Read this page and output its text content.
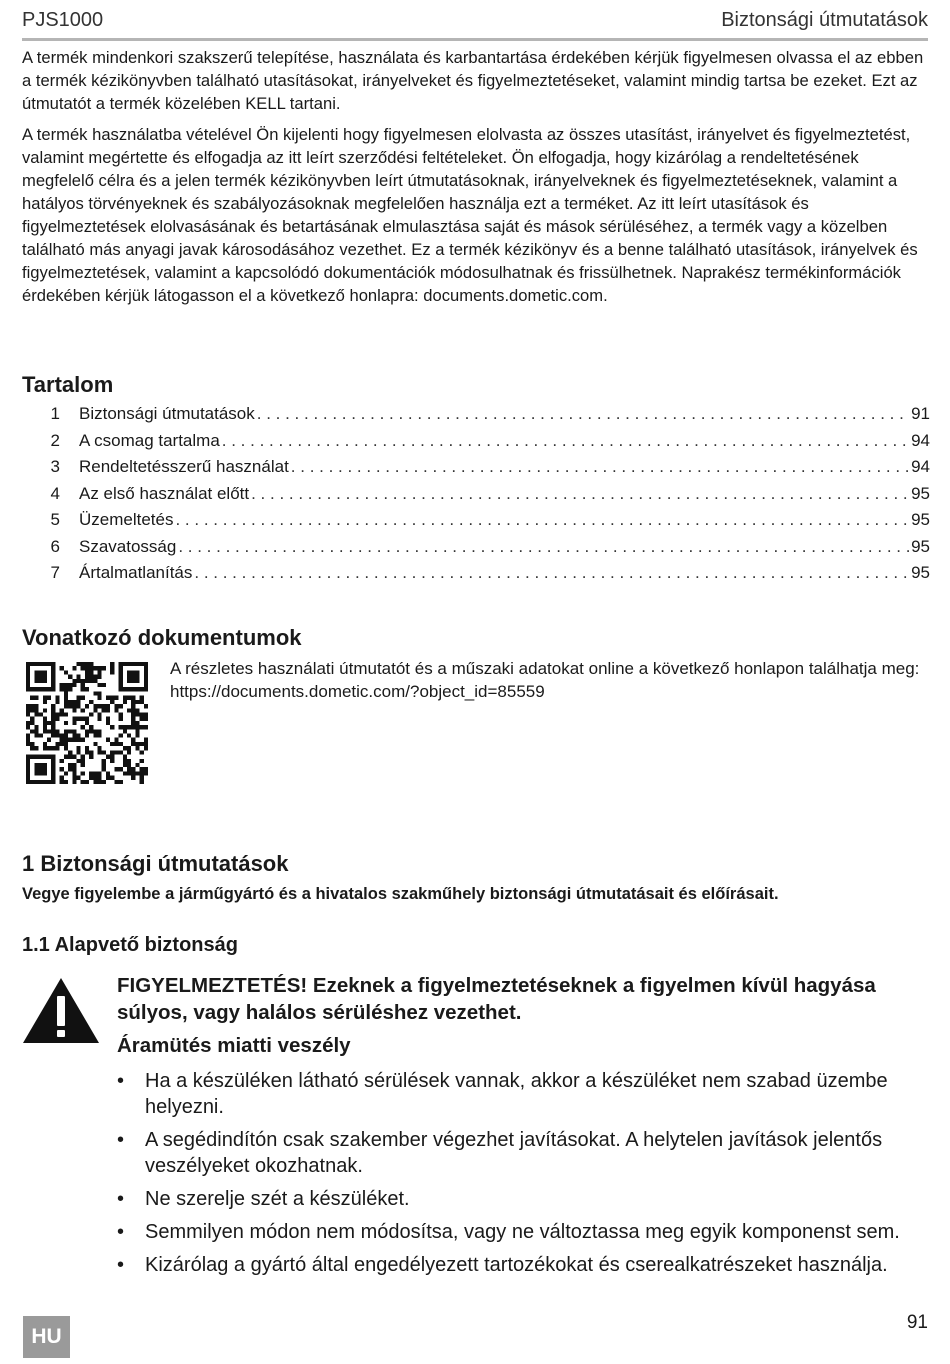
PJS1000	Biztonsági útmutatások

A termék mindenkori szakszerű telepítése, használata és karbantartása érdekében kérjük figyelmesen olvassa el az ebben a termék kézikönyvben található utasításokat, irányelveket és figyelmeztetéseket, valamint mindig tartsa be ezeket. Ezt az útmutatót a termék közelében KELL tartani.

A termék használatba vételével Ön kijelenti hogy figyelmesen elolvasta az összes utasítást, irányelvet és figyelmeztetést, valamint megértette és elfogadja az itt leírt szerződési feltételeket. Ön elfogadja, hogy kizárólag a rendeltetésének megfelelő célra és a jelen termék kézikönyvben leírt útmutatásoknak, irányelveknek és figyelmeztetéseknek, valamint a hatályos törvényeknek és szabályozásoknak megfelelően használja ezt a terméket. Az itt leírt utasítások és figyelmeztetések elolvasásának és betartásának elmulasztása saját és mások sérüléséhez, a termék vagy a közelben található más anyagi javak károsodásához vezethet. Ez a termék kézikönyv és a benne található utasítások, irányelvek és figyelmeztetések, valamint a kapcsolódó dokumentációk módosulhatnak és frissülhetnek. Naprakész termékinformációk érdekében kérjük látogasson el a következő honlapra: documents.dometic.com.

Tartalom
1	Biztonsági útmutatások . . .	91
2	A csomag tartalma . . .	94
3	Rendeltetésszerű használat . . .	94
4	Az első használat előtt . . .	95
5	Üzemeltetés . . .	95
6	Szavatosság . . .	95
7	Ártalmatlanítás . . .	95
Vonatkozó dokumentumok
A részletes használati útmutatót és a műszaki adatokat online a következő honlapon találhatja meg:
https://documents.dometic.com/?object_id=85559
1 Biztonsági útmutatások
Vegye figyelembe a járműgyártó és a hivatalos szakműhely biztonsági útmutatásait és előírásait.
1.1 Alapvető biztonság
FIGYELMEZTETÉS! Ezeknek a figyelmeztetéseknek a figyelmen kívül hagyása súlyos, vagy halálos sérüléshez vezethet.
Áramütés miatti veszély
• Ha a készüléken látható sérülések vannak, akkor a készüléket nem szabad üzembe helyezni.
• A segédindítón csak szakember végezhet javításokat. A helytelen javítások jelentős veszélyeket okozhatnak.
• Ne szerelje szét a készüléket.
• Semmilyen módon nem módosítsa, vagy ne változtassa meg egyik komponenst sem.
• Kizárólag a gyártó által engedélyezett tartozékokat és cserealkatrészeket használja.
91
HU
